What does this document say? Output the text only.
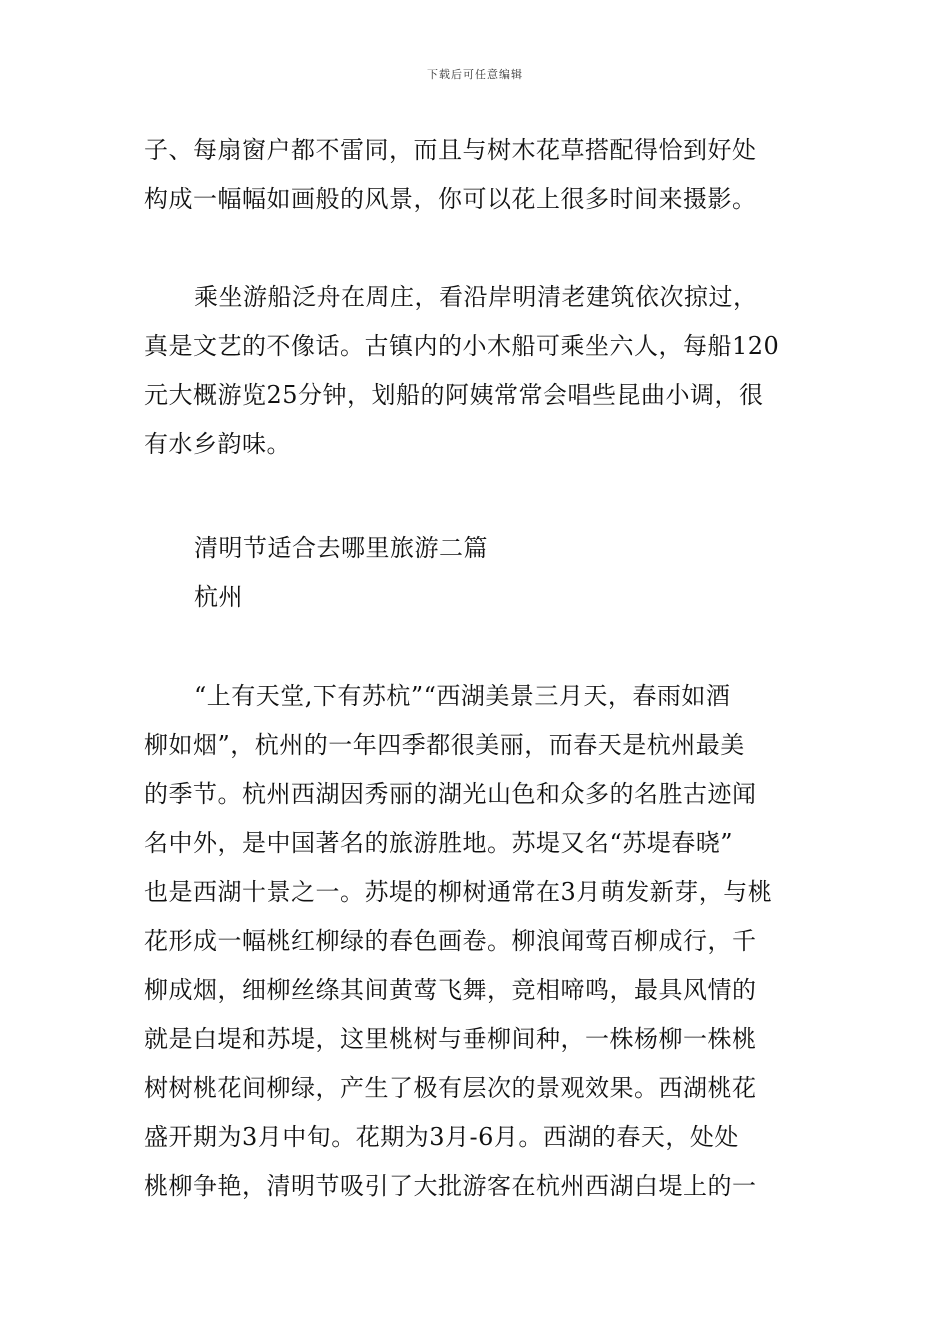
下载后可任意编辑
子、每扇窗户都不雷同，而且与树木花草搭配得恰到好处
构成一幅幅如画般的风景，你可以花上很多时间来摄影。
乘坐游船泛舟在周庄，看沿岸明清老建筑依次掠过，
真是文艺的不像话。古镇内的小木船可乘坐六人，每船120
元大概游览25分钟，划船的阿姨常常会唱些昆曲小调，很
有水乡韵味。
清明节适合去哪里旅游二篇
杭州
“上有天堂,下有苏杭”“西湖美景三月天，春雨如酒
柳如烟”，杭州的一年四季都很美丽，而春天是杭州最美
的季节。杭州西湖因秀丽的湖光山色和众多的名胜古迹闻
名中外，是中国著名的旅游胜地。苏堤又名“苏堤春晓”
也是西湖十景之一。苏堤的柳树通常在3月萌发新芽，与桃
花形成一幅桃红柳绿的春色画卷。柳浪闻莺百柳成行，千
柳成烟，细柳丝绦其间黄莺飞舞，竞相啼鸣，最具风情的
就是白堤和苏堤，这里桃树与垂柳间种，一株杨柳一株桃
树树桃花间柳绿，产生了极有层次的景观效果。西湖桃花
盛开期为3月中旬。花期为3月-6月。西湖的春天，处处
桃柳争艳，清明节吸引了大批游客在杭州西湖白堤上的一
